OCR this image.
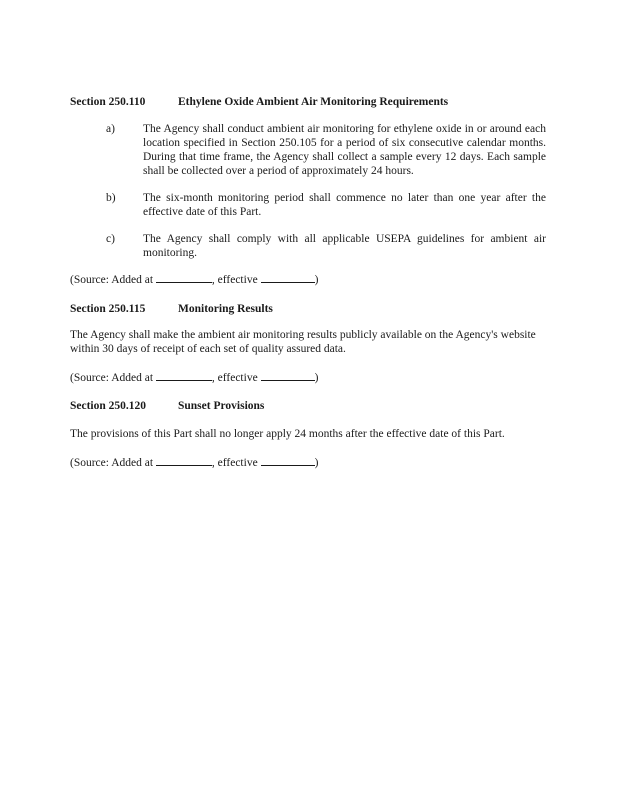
Section 250.110	Ethylene Oxide Ambient Air Monitoring Requirements
a) The Agency shall conduct ambient air monitoring for ethylene oxide in or around each location specified in Section 250.105 for a period of six consecutive calendar months. During that time frame, the Agency shall collect a sample every 12 days. Each sample shall be collected over a period of approximately 24 hours.
b) The six-month monitoring period shall commence no later than one year after the effective date of this Part.
c) The Agency shall comply with all applicable USEPA guidelines for ambient air monitoring.
(Source: Added at	, effective	)
Section 250.115	Monitoring Results
The Agency shall make the ambient air monitoring results publicly available on the Agency's website within 30 days of receipt of each set of quality assured data.
(Source: Added at	, effective	)
Section 250.120	Sunset Provisions
The provisions of this Part shall no longer apply 24 months after the effective date of this Part.
(Source: Added at	, effective	)
